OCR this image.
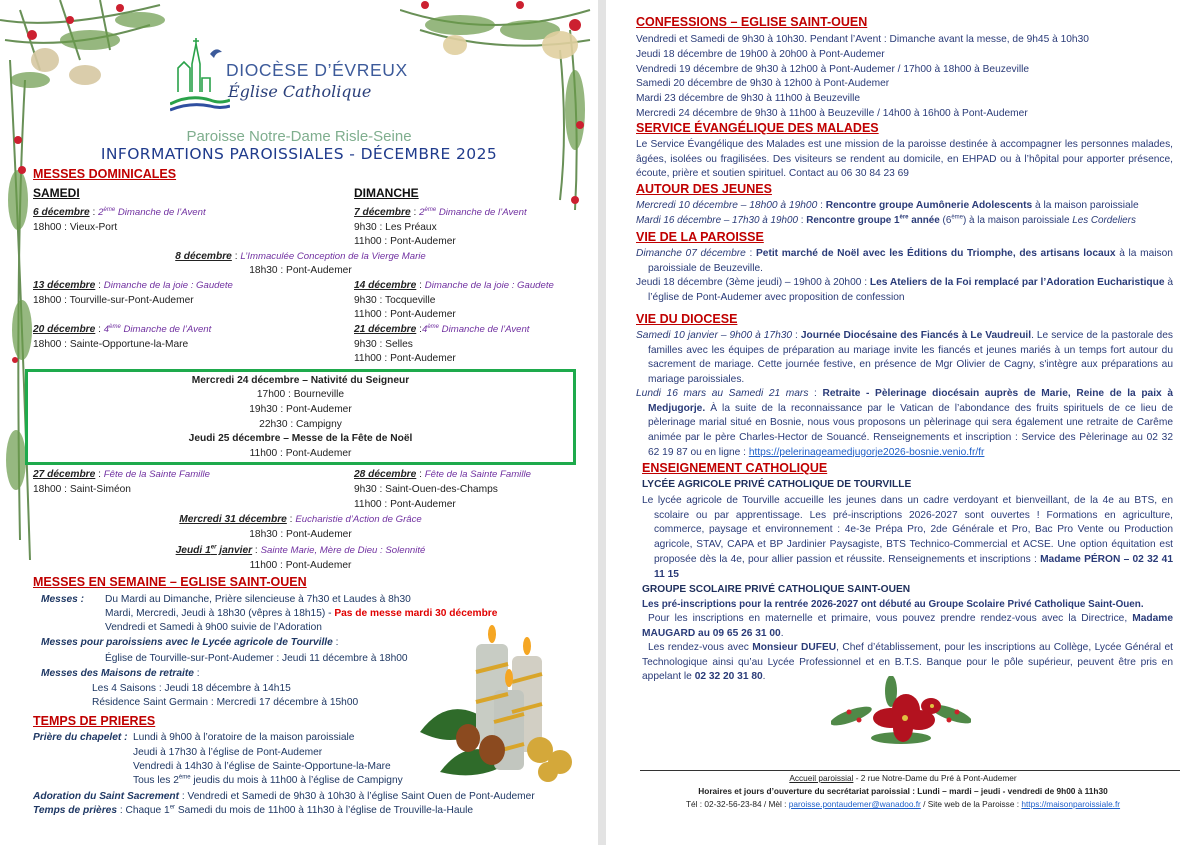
DIOCÈSE D’ÉVREUX
Église Catholique
Paroisse Notre-Dame Risle-Seine
INFORMATIONS PAROISSIALES - DÉCEMBRE 2025
MESSES DOMINICALES
SAMEDI	DIMANCHE
6 décembre : 2ème Dimanche de l’Avent
18h00 : Vieux-Port
7 décembre : 2ème Dimanche de l’Avent
9h30 : Les Préaux
11h00 : Pont-Audemer
8 décembre : L’Immaculée Conception de la Vierge Marie
18h30 : Pont-Audemer
13 décembre : Dimanche de la joie : Gaudete
18h00 : Tourville-sur-Pont-Audemer
14 décembre : Dimanche de la joie : Gaudete
9h30 : Tocqueville
11h00 : Pont-Audemer
20 décembre : 4ème Dimanche de l’Avent
18h00 : Sainte-Opportune-la-Mare
21 décembre :4ème Dimanche de l’Avent
9h30 : Selles
11h00 : Pont-Audemer
Mercredi 24 décembre – Nativité du Seigneur
17h00 : Bourneville
19h30 : Pont-Audemer
22h30 : Campigny
Jeudi 25 décembre – Messe de la Fête de Noël
11h00 : Pont-Audemer
27 décembre : Fête de la Sainte Famille
18h00 : Saint-Siméon
28 décembre : Fête de la Sainte Famille
9h30 : Saint-Ouen-des-Champs
11h00 : Pont-Audemer
Mercredi 31 décembre : Eucharistie d’Action de Grâce
18h30 : Pont-Audemer
Jeudi 1er janvier : Sainte Marie, Mère de Dieu : Solennité
11h00 : Pont-Audemer
MESSES EN SEMAINE – EGLISE SAINT-OUEN
Messes : Du Mardi au Dimanche, Prière silencieuse à 7h30 et Laudes à 8h30
Mardi, Mercredi, Jeudi à 18h30 (vêpres à 18h15) - Pas de messe mardi 30 décembre
Vendredi et Samedi à 9h00 suivie de l’Adoration
Messes pour paroissiens avec le Lycée agricole de Tourville :
Église de Tourville-sur-Pont-Audemer : Jeudi 11 décembre à 18h00
Messes des Maisons de retraite :
Les 4 Saisons : Jeudi 18 décembre à 14h15
Résidence Saint Germain : Mercredi 17 décembre à 15h00
TEMPS DE PRIERES
Prière du chapelet : Lundi à 9h00 à l’oratoire de la maison paroissiale
Jeudi à 17h30 à l’église de Pont-Audemer
Vendredi à 14h30 à l’église de Sainte-Opportune-la-Mare
Tous les 2ème jeudis du mois à 11h00 à l’église de Campigny
Adoration du Saint Sacrement : Vendredi et Samedi de 9h30 à 10h30 à l’église Saint Ouen de Pont-Audemer
Temps de prières : Chaque 1er Samedi du mois de 11h00 à 11h30 à l’église de Trouville-la-Haule
CONFESSIONS – EGLISE SAINT-OUEN
Vendredi et Samedi de 9h30 à 10h30. Pendant l’Avent : Dimanche avant la messe, de 9h45 à 10h30
Jeudi 18 décembre de 19h00 à 20h00 à Pont-Audemer
Vendredi 19 décembre de 9h30 à 12h00 à Pont-Audemer / 17h00 à 18h00 à Beuzeville
Samedi 20 décembre de 9h30 à 12h00 à Pont-Audemer
Mardi 23 décembre de 9h30 à 11h00 à Beuzeville
Mercredi 24 décembre de 9h30 à 11h00 à Beuzeville / 14h00 à 16h00 à Pont-Audemer
SERVICE ÉVANGÉLIQUE DES MALADES
Le Service Évangélique des Malades est une mission de la paroisse destinée à accompagner les personnes malades, âgées, isolées ou fragilisées. Des visiteurs se rendent au domicile, en EHPAD ou à l’hôpital pour apporter présence, écoute, prière et soutien spirituel. Contact au 06 30 84 23 69
AUTOUR DES JEUNES
Mercredi 10 décembre – 18h00 à 19h00 : Rencontre groupe Aumônerie Adolescents à la maison paroissiale
Mardi 16 décembre – 17h30 à 19h00 : Rencontre groupe 1ère année (6ème) à la maison paroissiale Les Cordeliers
VIE DE LA PAROISSE
Dimanche 07 décembre : Petit marché de Noël avec les Éditions du Triomphe, des artisans locaux à la maison paroissiale de Beuzeville.
Jeudi 18 décembre (3ème jeudi) – 19h00 à 20h00 : Les Ateliers de la Foi remplacé par l’Adoration Eucharistique à l’église de Pont-Audemer avec proposition de confession
VIE DU DIOCESE
Samedi 10 janvier – 9h00 à 17h30 : Journée Diocésaine des Fiancés à Le Vaudreuil. Le service de la pastorale des familles avec les équipes de préparation au mariage invite les fiancés et jeunes mariés à un temps fort autour du sacrement de mariage. Cette journée festive, en présence de Mgr Olivier de Cagny, s'intègre aux préparations au mariage paroissiales.
Lundi 16 mars au Samedi 21 mars : Retraite - Pèlerinage diocésain auprès de Marie, Reine de la paix à Medjugorje. À la suite de la reconnaissance par le Vatican de l’abondance des fruits spirituels de ce lieu de pèlerinage marial situé en Bosnie, nous vous proposons un pèlerinage qui sera également une retraite de Carême animée par le père Charles-Hector de Souancé. Renseignements et inscription : Service des Pèlerinage au 02 32 62 19 87 ou en ligne : https://pelerinageamedjugorje2026-bosnie.venio.fr/fr
ENSEIGNEMENT CATHOLIQUE
LYCÉE AGRICOLE PRIVÉ CATHOLIQUE DE TOURVILLE
Le lycée agricole de Tourville accueille les jeunes dans un cadre verdoyant et bienveillant, de la 4e au BTS, en scolaire ou par apprentissage. Les pré-inscriptions 2026-2027 sont ouvertes ! Formations en agriculture, commerce, paysage et environnement : 4e-3e Prépa Pro, 2de Générale et Pro, Bac Pro Vente ou Production agricole, STAV, CAPA et BP Jardinier Paysagiste, BTS Technico-Commercial et ACSE. Une option équitation est proposée dès la 4e, pour allier passion et réussite. Renseignements et inscriptions : Madame PÉRON – 02 32 41 11 15
GROUPE SCOLAIRE PRIVÉ CATHOLIQUE SAINT-OUEN
Les pré-inscriptions pour la rentrée 2026-2027 ont débuté au Groupe Scolaire Privé Catholique Saint-Ouen.
Pour les inscriptions en maternelle et primaire, vous pouvez prendre rendez-vous avec la Directrice, Madame MAUGARD au 09 65 26 31 00.
Les rendez-vous avec Monsieur DUFEU, Chef d’établissement, pour les inscriptions au Collège, Lycée Général et Technologique ainsi qu’au Lycée Professionnel et en B.T.S. Banque pour le pôle supérieur, peuvent être pris en appelant le 02 32 20 31 80.
Accueil paroissial - 2 rue Notre-Dame du Pré à Pont-Audemer
Horaires et jours d’ouverture du secrétariat paroissial : Lundi – mardi – jeudi - vendredi de 9h00 à 11h30
Tél : 02-32-56-23-84 / Mèl : paroisse.pontaudemer@wanadoo.fr / Site web de la Paroisse : https://maisonparoissiale.fr
